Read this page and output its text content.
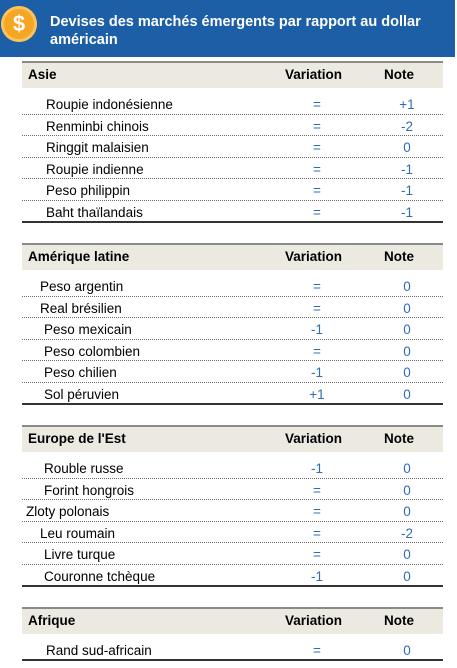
$	Devises des marchés émergents par rapport au dollar américain
Asie	Variation	Note
Roupie indonésienne	=	+1
Renminbi chinois	=	-2
Ringgit malaisien	=	0
Roupie indienne	=	-1
Peso philippin	=	-1
Baht thaïlandais	=	-1
Amérique latine	Variation	Note
Peso argentin	=	0
Real brésilien	=	0
Peso mexicain	-1	0
Peso colombien	=	0
Peso chilien	-1	0
Sol péruvien	+1	0
Europe de l'Est	Variation	Note
Rouble russe	-1	0
Forint hongrois	=	0
Zloty polonais	=	0
Leu roumain	=	-2
Livre turque	=	0
Couronne tchèque	-1	0
Afrique	Variation	Note
Rand sud-africain	=	0
